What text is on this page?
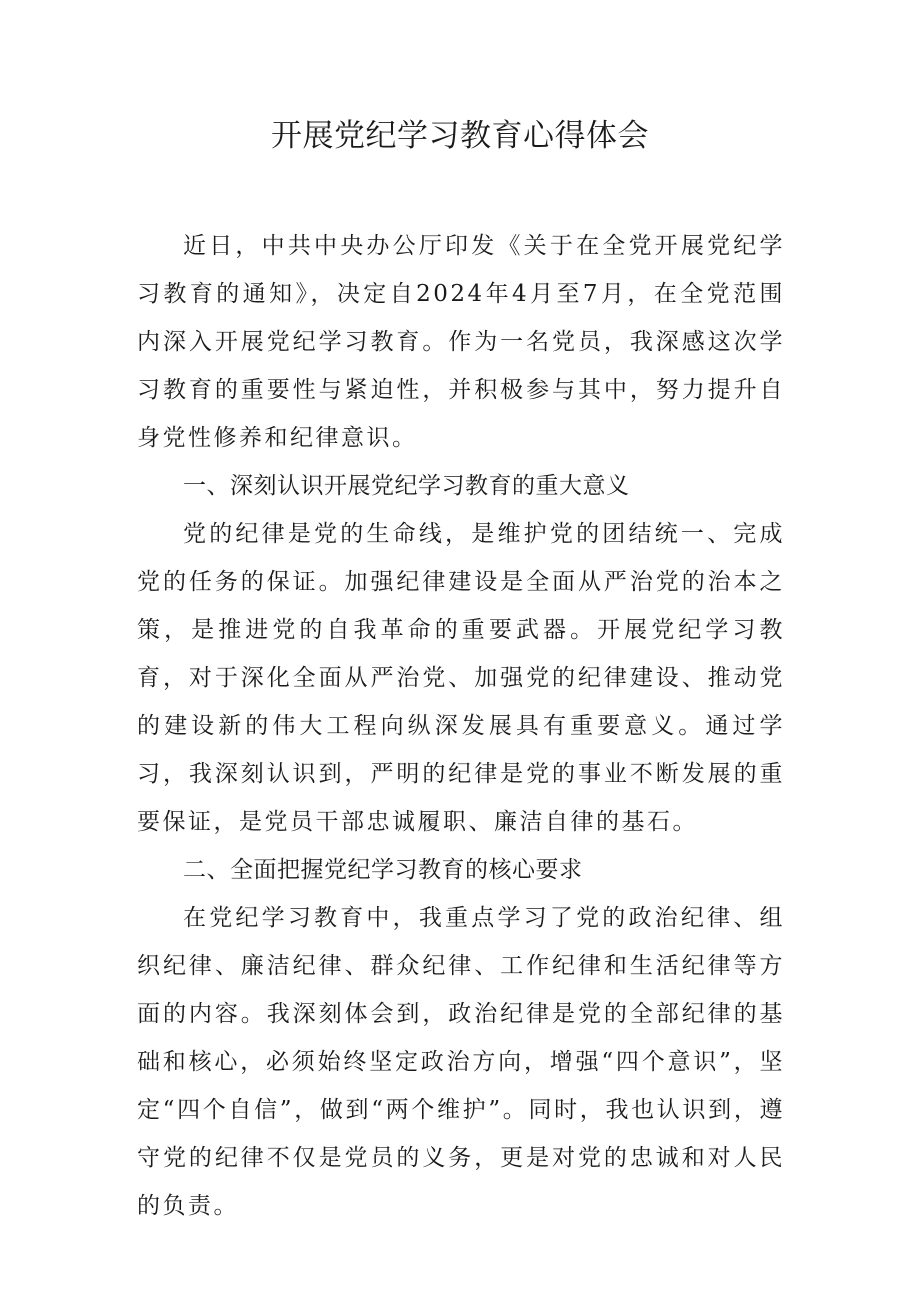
开展党纪学习教育心得体会

近日，中共中央办公厅印发《关于在全党开展党纪学习教育的通知》，决定自2024年4月至7月，在全党范围内深入开展党纪学习教育。作为一名党员，我深感这次学习教育的重要性与紧迫性，并积极参与其中，努力提升自身党性修养和纪律意识。

一、深刻认识开展党纪学习教育的重大意义

党的纪律是党的生命线，是维护党的团结统一、完成党的任务的保证。加强纪律建设是全面从严治党的治本之策，是推进党的自我革命的重要武器。开展党纪学习教育，对于深化全面从严治党、加强党的纪律建设、推动党的建设新的伟大工程向纵深发展具有重要意义。通过学习，我深刻认识到，严明的纪律是党的事业不断发展的重要保证，是党员干部忠诚履职、廉洁自律的基石。

二、全面把握党纪学习教育的核心要求

在党纪学习教育中，我重点学习了党的政治纪律、组织纪律、廉洁纪律、群众纪律、工作纪律和生活纪律等方面的内容。我深刻体会到，政治纪律是党的全部纪律的基础和核心，必须始终坚定政治方向，增强“四个意识”，坚定“四个自信”，做到“两个维护”。同时，我也认识到，遵守党的纪律不仅是党员的义务，更是对党的忠诚和对人民的负责。
